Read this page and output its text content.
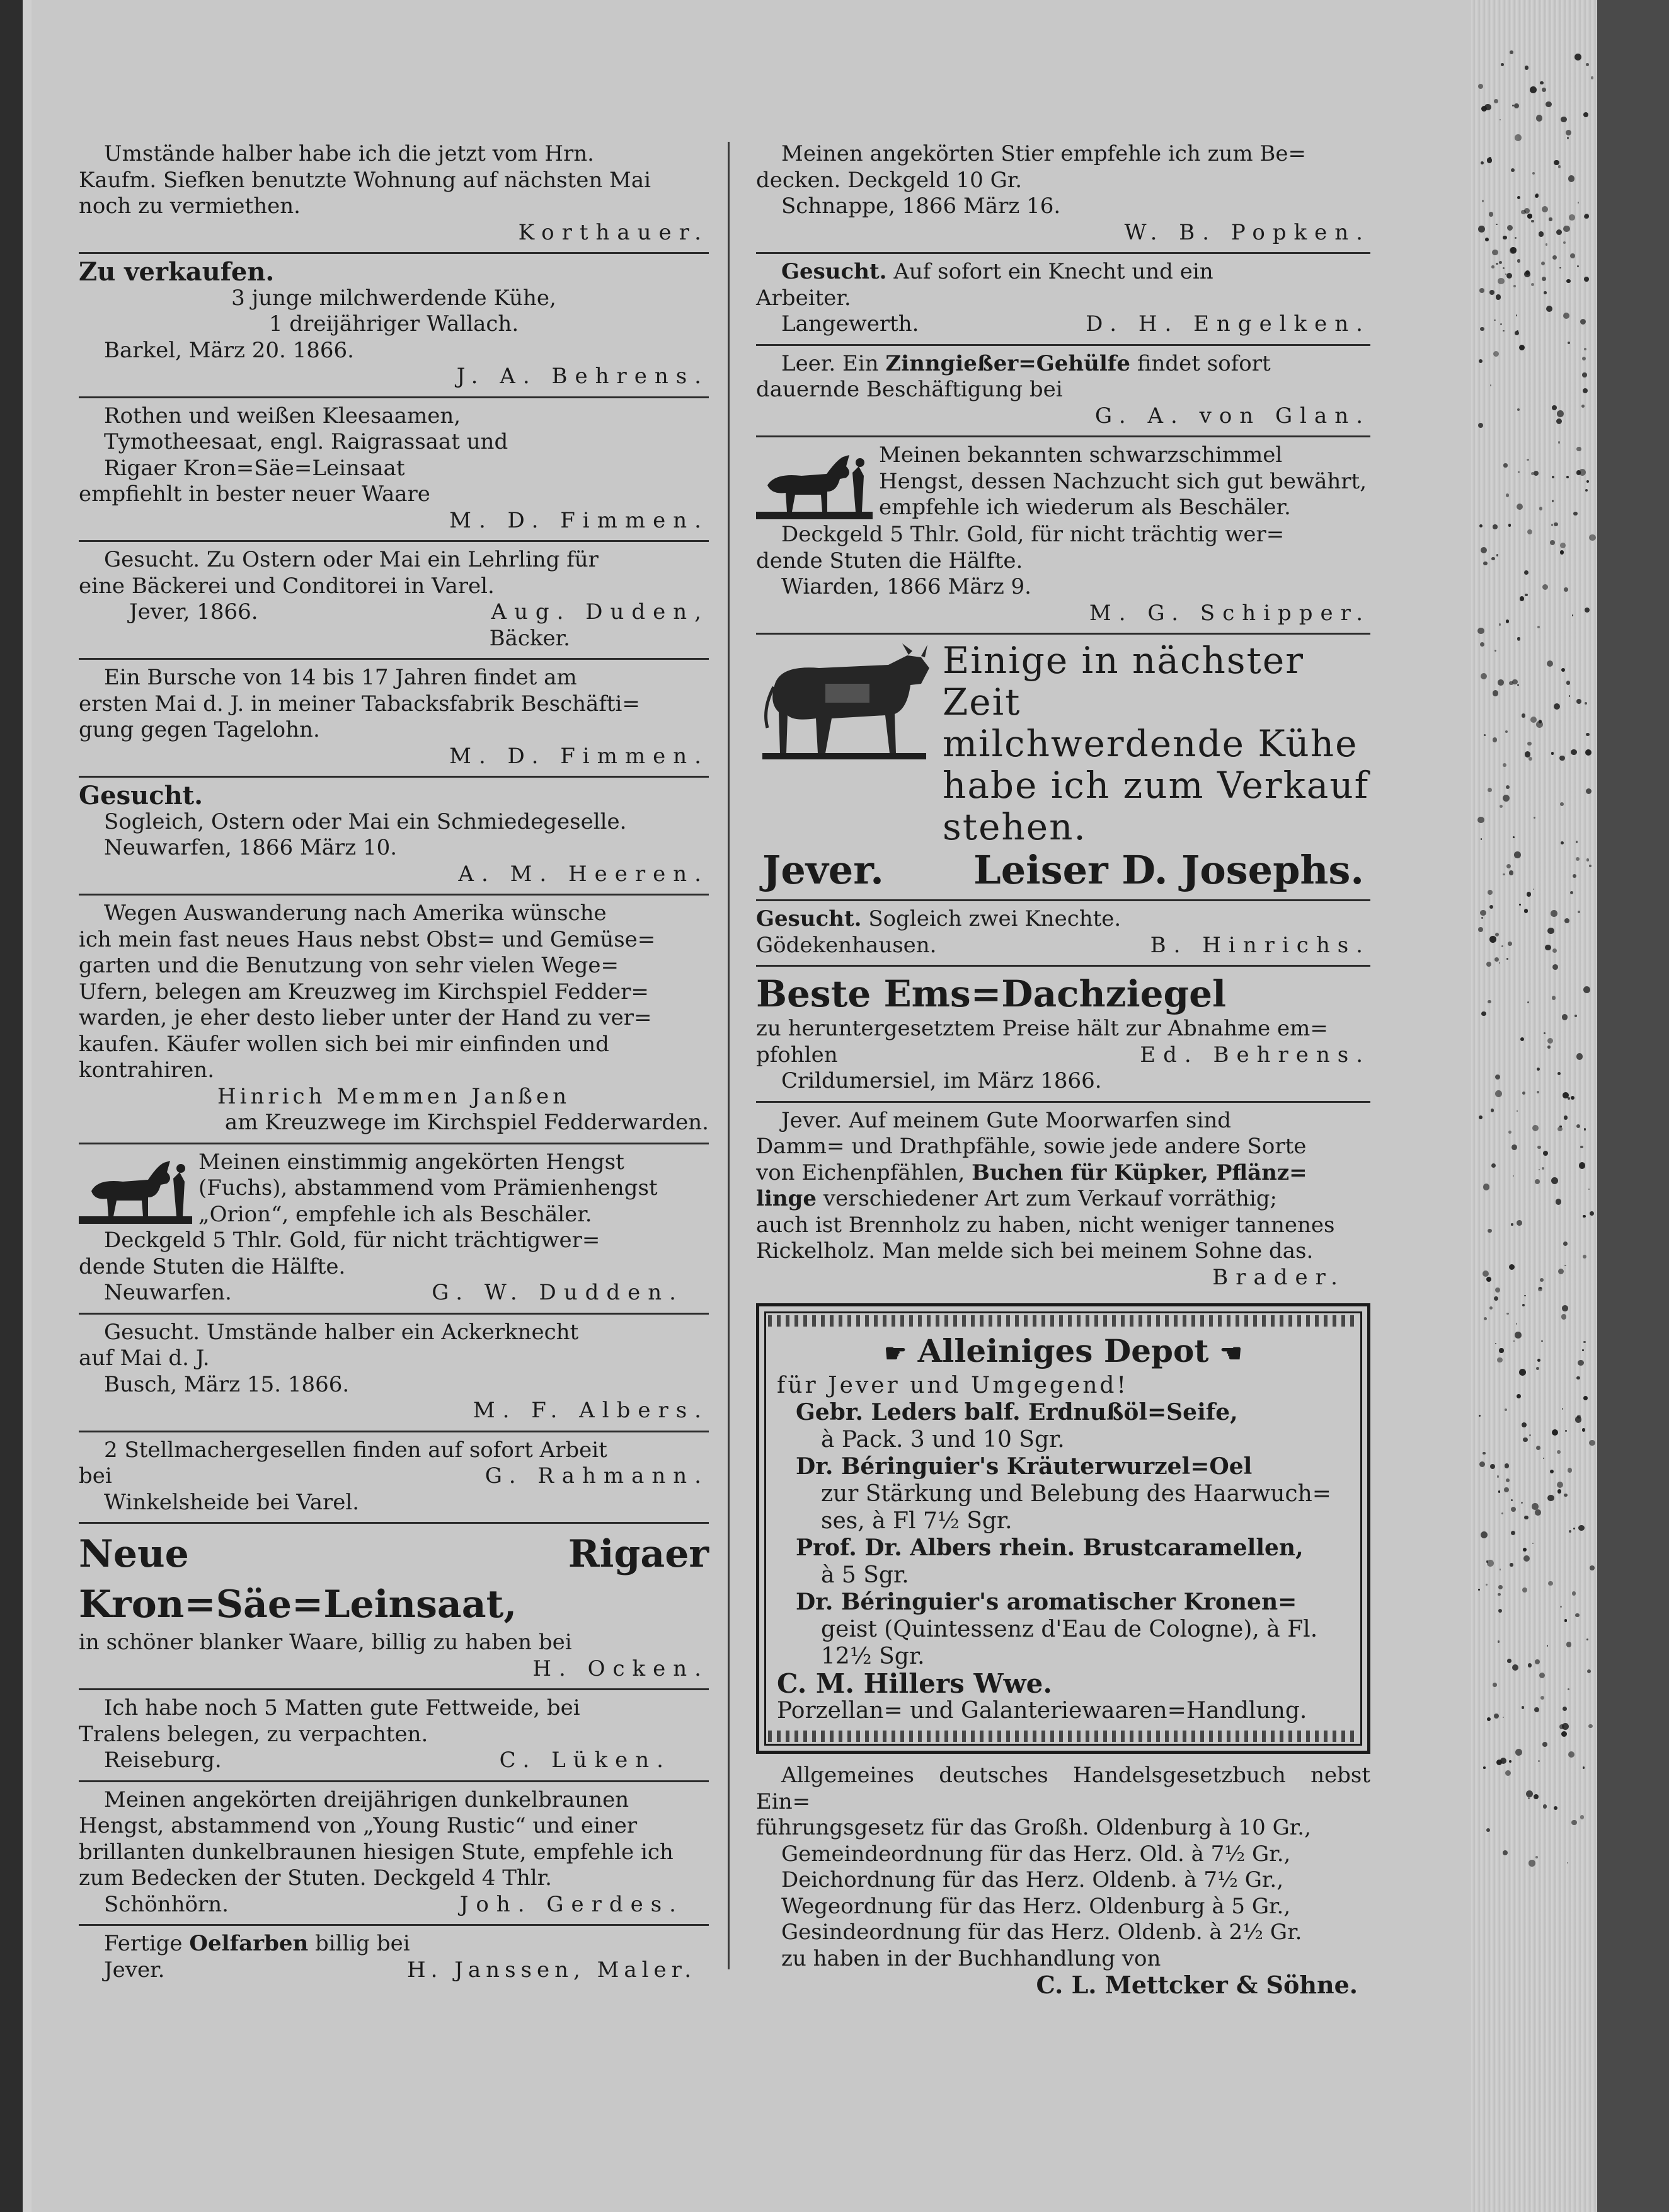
Umstände halber habe ich die jetzt vom Hrn.

Kaufm. Siefken benutzte Wohnung auf nächsten Mai

noch zu vermiethen.

Korthauer.

Zu verkaufen.

3 junge milchwerdende Kühe,

1 dreijähriger Wallach.

Barkel, März 20. 1866.

J. A. Behrens.

Rothen und weißen Kleesaamen,

Tymotheesaat, engl. Raigrassaat und

Rigaer Kron=Säe=Leinsaat

empfiehlt in bester neuer Waare

M. D. Fimmen.

Gesucht. Zu Ostern oder Mai ein Lehrling für

eine Bäckerei und Conditorei in Varel.

Jever, 1866.	Aug. Duden,

Bäcker.

Ein Bursche von 14 bis 17 Jahren findet am

ersten Mai d. J. in meiner Tabacksfabrik Beschäfti=

gung gegen Tagelohn.

M. D. Fimmen.

Gesucht.

Sogleich, Ostern oder Mai ein Schmiedegeselle.

Neuwarfen, 1866 März 10.

A. M. Heeren.

Wegen Auswanderung nach Amerika wünsche

ich mein fast neues Haus nebst Obst= und Gemüse=

garten und die Benutzung von sehr vielen Wege=

Ufern, belegen am Kreuzweg im Kirchspiel Fedder=

warden, je eher desto lieber unter der Hand zu ver=

kaufen. Käufer wollen sich bei mir einfinden und

kontrahiren.

Hinrich Memmen Janßen

am Kreuzwege im Kirchspiel Fedderwarden.

Meinen einstimmig angekörten Hengst

(Fuchs), abstammend vom Prämienhengst

„Orion“, empfehle ich als Beschäler.

Deckgeld 5 Thlr. Gold, für nicht trächtigwer=

dende Stuten die Hälfte.

Neuwarfen.	G. W. Dudden.

Gesucht. Umstände halber ein Ackerknecht

auf Mai d. J.

Busch, März 15. 1866.

M. F. Albers.

2 Stellmachergesellen finden auf sofort Arbeit

bei	G. Rahmann.

Winkelsheide bei Varel.

Neue Rigaer Kron=Säe=Leinsaat,

in schöner blanker Waare, billig zu haben bei

H. Ocken.

Ich habe noch 5 Matten gute Fettweide, bei

Tralens belegen, zu verpachten.

Reiseburg.	C. Lüken.

Meinen angekörten dreijährigen dunkelbraunen

Hengst, abstammend von „Young Rustic“ und einer

brillanten dunkelbraunen hiesigen Stute, empfehle ich

zum Bedecken der Stuten. Deckgeld 4 Thlr.

Schönhörn.	Joh. Gerdes.

Fertige Oelfarben billig bei

Jever.	H. Janssen, Maler.

Meinen angekörten Stier empfehle ich zum Be=

decken. Deckgeld 10 Gr.

Schnappe, 1866 März 16.

W. B. Popken.

Gesucht. Auf sofort ein Knecht und ein

Arbeiter.

Langewerth.	D. H. Engelken.

Leer. Ein Zinngießer=Gehülfe findet sofort

dauernde Beschäftigung bei

G. A. von Glan.

Meinen bekannten schwarzschimmel

Hengst, dessen Nachzucht sich gut bewährt,

empfehle ich wiederum als Beschäler.

Deckgeld 5 Thlr. Gold, für nicht trächtig wer=

dende Stuten die Hälfte.

Wiarden, 1866 März 9.

M. G. Schipper.

Einige in nächster Zeit
milchwerdende Kühe
habe ich zum Verkauf
stehen.
Jever. Leiser D. Josephs.

Gesucht. Sogleich zwei Knechte.

Gödekenhausen.	B. Hinrichs.

Beste Ems=Dachziegel

zu heruntergesetztem Preise hält zur Abnahme em=

pfohlen	Ed. Behrens.

Crildumersiel, im März 1866.

Jever. Auf meinem Gute Moorwarfen sind

Damm= und Drathpfähle, sowie jede andere Sorte

von Eichenpfählen, Buchen für Küpker, Pflänz=

linge verschiedener Art zum Verkauf vorräthig;

auch ist Brennholz zu haben, nicht weniger tannenes

Rickelholz. Man melde sich bei meinem Sohne das.

Brader.

☛ Alleiniges Depot ☚

für Jever und Umgegend!

Gebr. Leders balf. Erdnußöl=Seife,

à Pack. 3 und 10 Sgr.

Dr. Béringuier's Kräuterwurzel=Oel

zur Stärkung und Belebung des Haarwuch=

ses, à Fl 7½ Sgr.

Prof. Dr. Albers rhein. Brustcaramellen,

à 5 Sgr.

Dr. Béringuier's aromatischer Kronen=

geist (Quintessenz d'Eau de Cologne), à Fl.

12½ Sgr.

C. M. Hillers Wwe.

Porzellan= und Galanteriewaaren=Handlung.

Allgemeines deutsches Handelsgesetzbuch nebst Ein=

führungsgesetz für das Großh. Oldenburg à 10 Gr.,

Gemeindeordnung für das Herz. Old. à 7½ Gr.,

Deichordnung für das Herz. Oldenb. à 7½ Gr.,

Wegeordnung für das Herz. Oldenburg à 5 Gr.,

Gesindeordnung für das Herz. Oldenb. à 2½ Gr.

zu haben in der Buchhandlung von

C. L. Mettcker & Söhne.
